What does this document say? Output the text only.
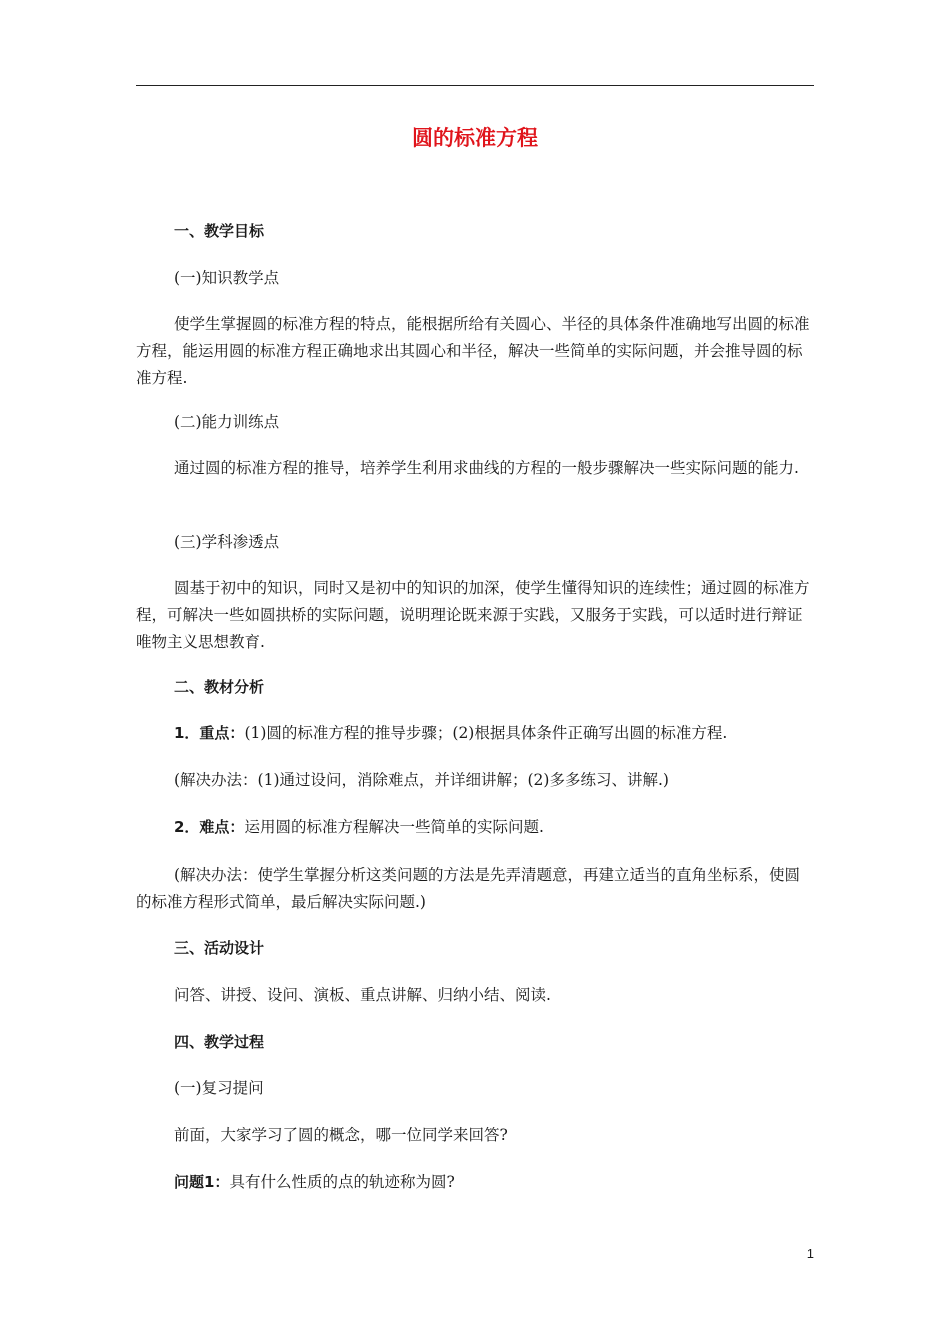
圆的标准方程
一、教学目标
(一)知识教学点
使学生掌握圆的标准方程的特点，能根据所给有关圆心、半径的具体条件准确地写出圆的标准方程，能运用圆的标准方程正确地求出其圆心和半径，解决一些简单的实际问题，并会推导圆的标准方程.
(二)能力训练点
通过圆的标准方程的推导，培养学生利用求曲线的方程的一般步骤解决一些实际问题的能力.
(三)学科渗透点
圆基于初中的知识，同时又是初中的知识的加深，使学生懂得知识的连续性；通过圆的标准方程，可解决一些如圆拱桥的实际问题，说明理论既来源于实践，又服务于实践，可以适时进行辩证唯物主义思想教育.
二、教材分析
1．重点：(1)圆的标准方程的推导步骤；(2)根据具体条件正确写出圆的标准方程.
(解决办法：(1)通过设问，消除难点，并详细讲解；(2)多多练习、讲解.)
2．难点：运用圆的标准方程解决一些简单的实际问题.
(解决办法：使学生掌握分析这类问题的方法是先弄清题意，再建立适当的直角坐标系，使圆的标准方程形式简单，最后解决实际问题.)
三、活动设计
问答、讲授、设问、演板、重点讲解、归纳小结、阅读.
四、教学过程
(一)复习提问
前面，大家学习了圆的概念，哪一位同学来回答?
问题1：具有什么性质的点的轨迹称为圆?
1
